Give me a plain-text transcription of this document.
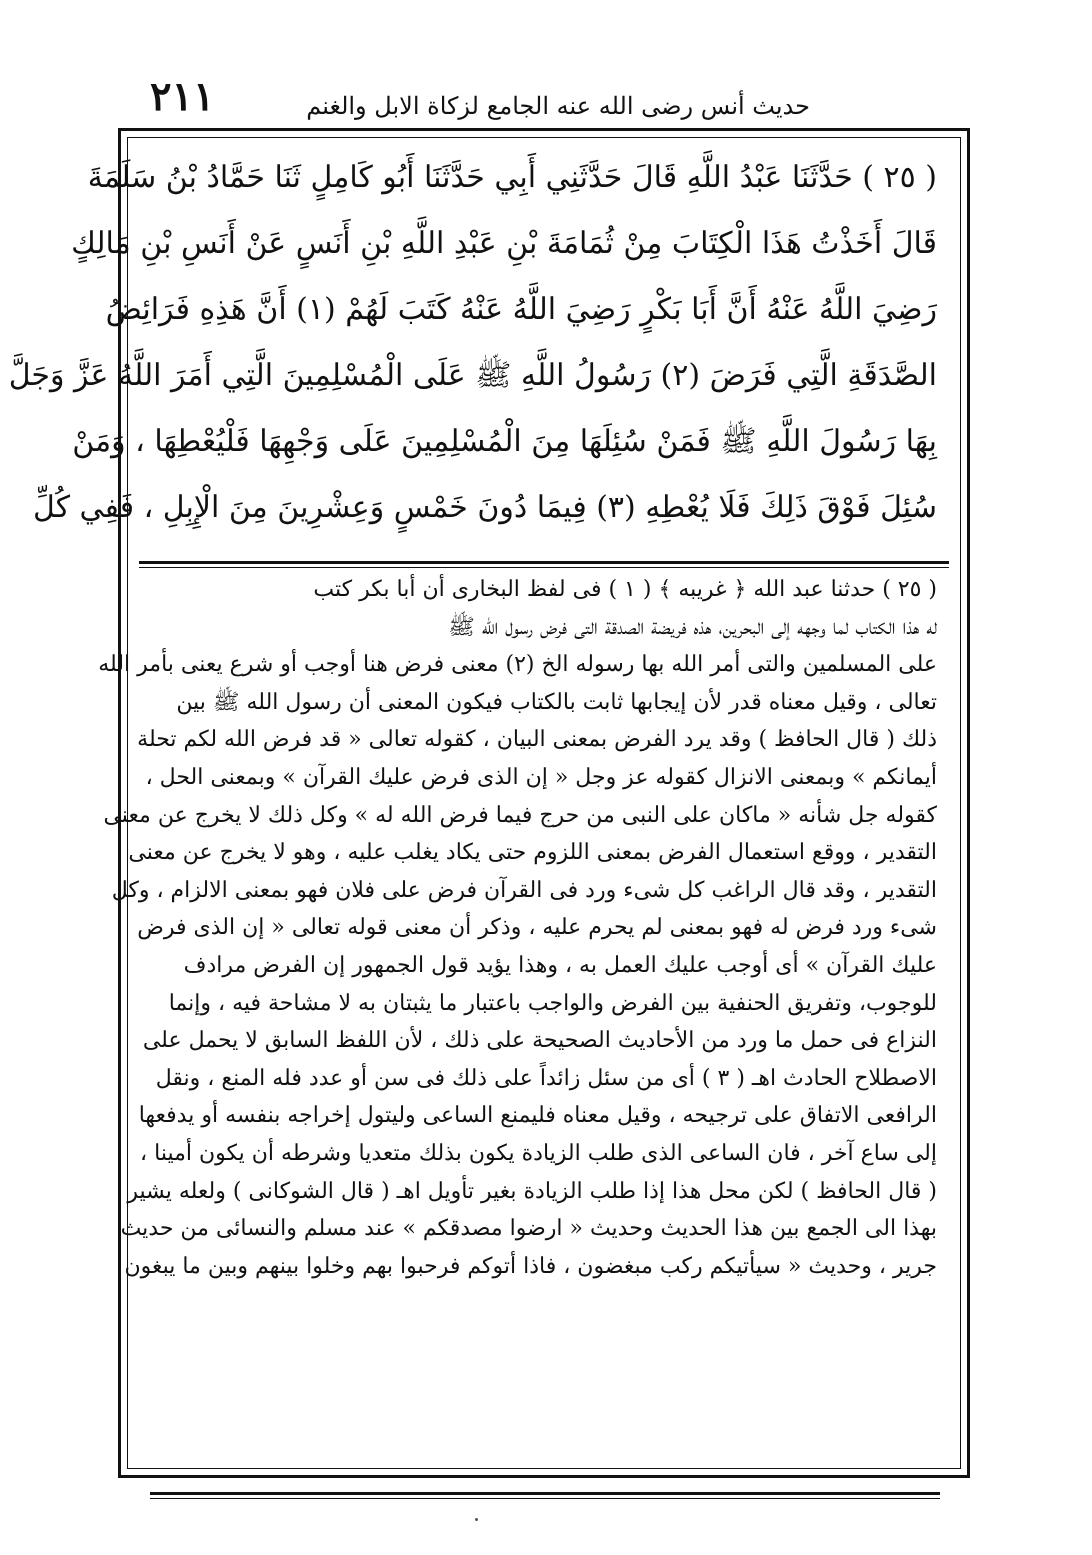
حديث أنس رضى الله عنه الجامع لزكاة الابل والغنم
٢١١

( ٢٥ ) حَدَّثَنَا عَبْدُ اللَّهِ قَالَ حَدَّثَنِي أَبِي حَدَّثَنَا أَبُو كَامِلٍ ثَنَا حَمَّادُ بْنُ سَلَمَةَ

قَالَ أَخَذْتُ هَذَا الْكِتَابَ مِنْ ثُمَامَةَ بْنِ عَبْدِ اللَّهِ بْنِ أَنَسٍ عَنْ أَنَسِ بْنِ مَالِكٍ

رَضِيَ اللَّهُ عَنْهُ أَنَّ أَبَا بَكْرٍ رَضِيَ اللَّهُ عَنْهُ كَتَبَ لَهُمْ (١) أَنَّ هَذِهِ فَرَائِضُ

الصَّدَقَةِ الَّتِي فَرَضَ (٢) رَسُولُ اللَّهِ ﷺ عَلَى الْمُسْلِمِينَ الَّتِي أَمَرَ اللَّهُ عَزَّ وَجَلَّ

بِهَا رَسُولَ اللَّهِ ﷺ فَمَنْ سُئِلَهَا مِنَ الْمُسْلِمِينَ عَلَى وَجْهِهَا فَلْيُعْطِهَا ، وَمَنْ

سُئِلَ فَوْقَ ذَلِكَ فَلَا يُعْطِهِ (٣) فِيمَا دُونَ خَمْسٍ وَعِشْرِينَ مِنَ الْإِبِلِ ، فَفِي كُلِّ

( ٢٥ ) حدثنا عبد الله ﴿ غريبه ﴾ ( ١ ) فى لفظ البخارى أن أبا بكر كتب

له هذا الكتاب لما وجهه إلى البحرين، هذه فريضة الصدقة التى فرض رسول الله ﷺ

على المسلمين والتى أمر الله بها رسوله الخ (٢) معنى فرض هنا أوجب أو شرع يعنى بأمر الله

تعالى ، وقيل معناه قدر لأن إيجابها ثابت بالكتاب فيكون المعنى أن رسول الله ﷺ بين

ذلك ( قال الحافظ ) وقد يرد الفرض بمعنى البيان ، كقوله تعالى « قد فرض الله لكم تحلة

أيمانكم » وبمعنى الانزال كقوله عز وجل « إن الذى فرض عليك القرآن » وبمعنى الحل ،

كقوله جل شأنه « ماكان على النبى من حرج فيما فرض الله له » وكل ذلك لا يخرج عن معنى

التقدير ، ووقع استعمال الفرض بمعنى اللزوم حتى يكاد يغلب عليه ، وهو لا يخرج عن معنى

التقدير ، وقد قال الراغب كل شىء ورد فى القرآن فرض على فلان فهو بمعنى الالزام ، وكل

شىء ورد فرض له فهو بمعنى لم يحرم عليه ، وذكر أن معنى قوله تعالى « إن الذى فرض

عليك القرآن » أى أوجب عليك العمل به ، وهذا يؤيد قول الجمهور إن الفرض مرادف

للوجوب، وتفريق الحنفية بين الفرض والواجب باعتبار ما يثبتان به لا مشاحة فيه ، وإنما

النزاع فى حمل ما ورد من الأحاديث الصحيحة على ذلك ، لأن اللفظ السابق لا يحمل على

الاصطلاح الحادث اهـ ( ٣ ) أى من سئل زائداً على ذلك فى سن أو عدد فله المنع ، ونقل

الرافعى الاتفاق على ترجيحه ، وقيل معناه فليمنع الساعى وليتول إخراجه بنفسه أو يدفعها

إلى ساع آخر ، فان الساعى الذى طلب الزيادة يكون بذلك متعديا وشرطه أن يكون أمينا ،

( قال الحافظ ) لكن محل هذا إذا طلب الزيادة بغير تأويل اهـ ( قال الشوكانى ) ولعله يشير

بهذا الى الجمع بين هذا الحديث وحديث « ارضوا مصدقكم » عند مسلم والنسائى من حديث

جرير ، وحديث « سيأتيكم ركب مبغضون ، فاذا أتوكم فرحبوا بهم وخلوا بينهم وبين ما يبغون
